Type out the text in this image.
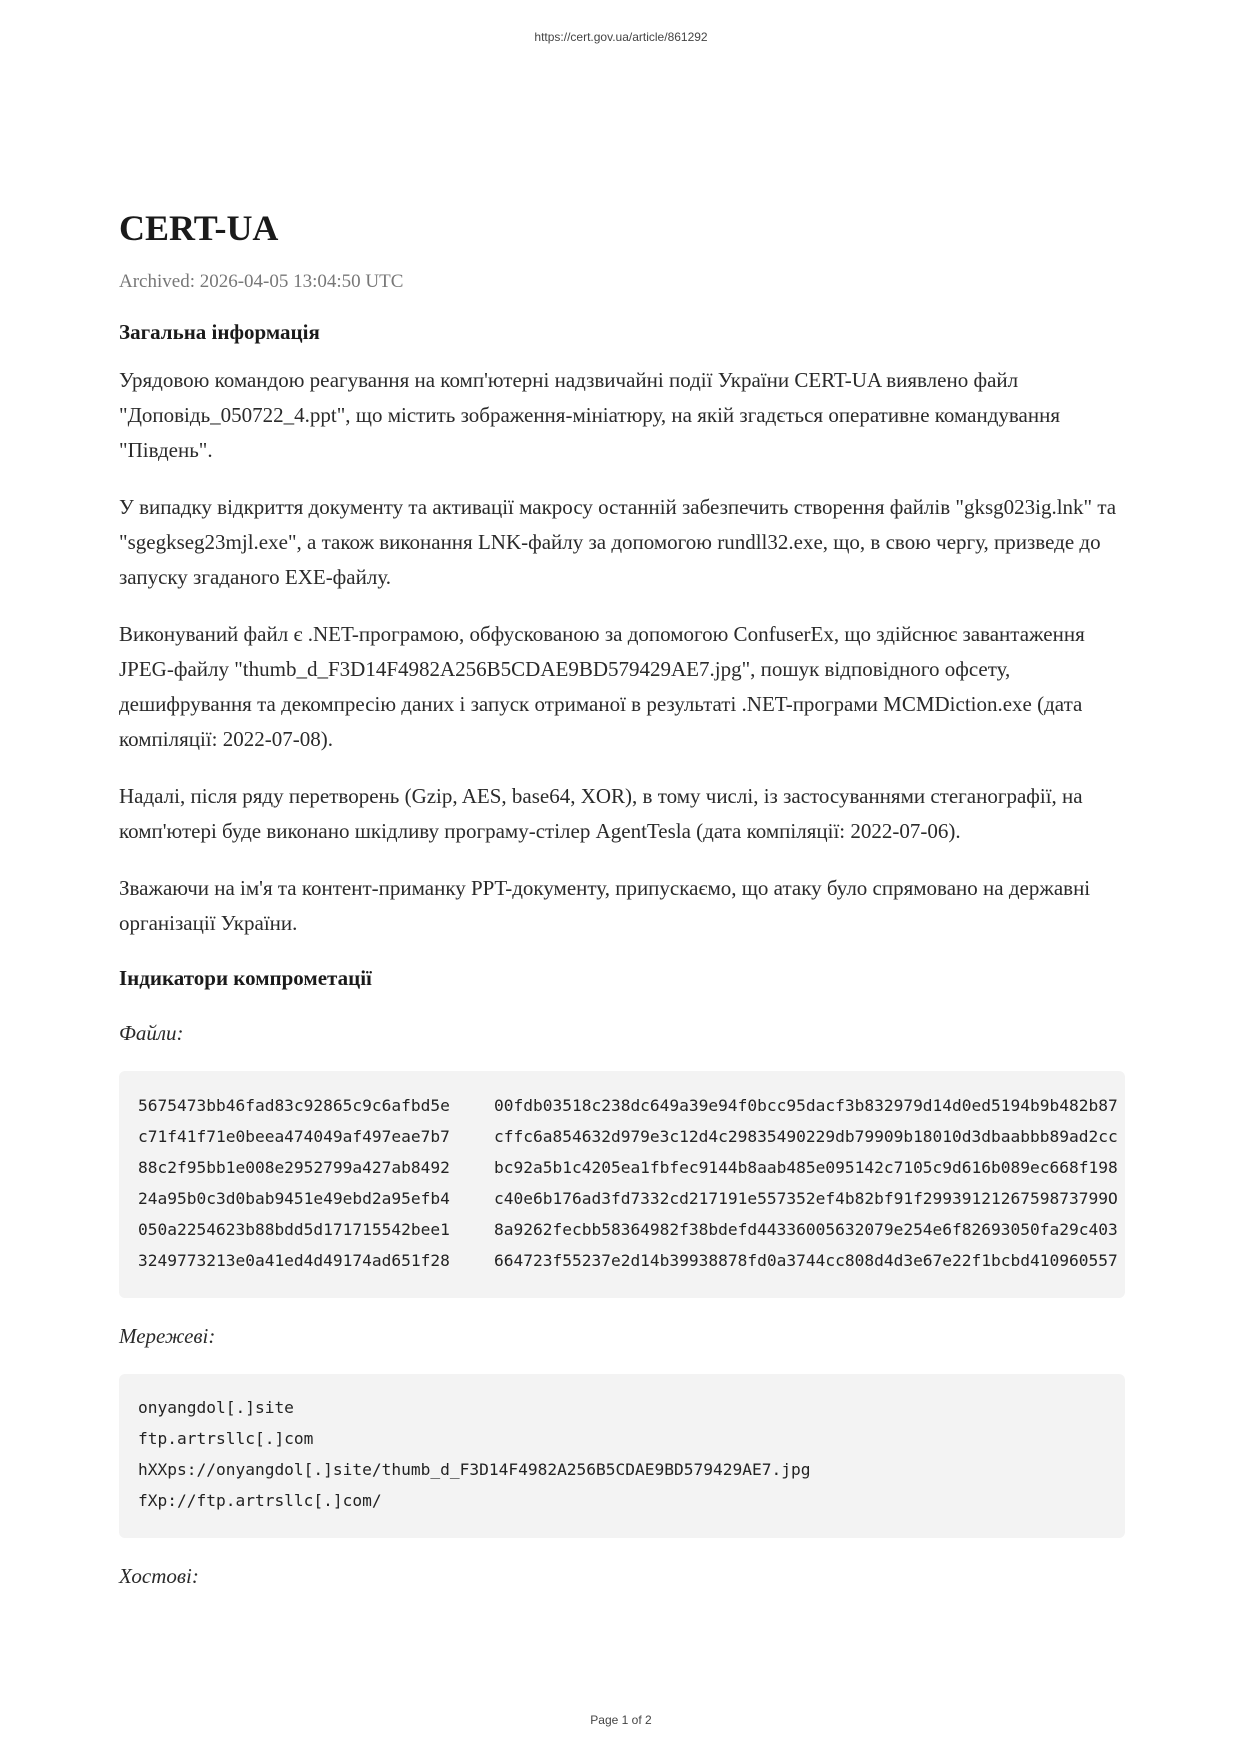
https://cert.gov.ua/article/861292
CERT-UA
Archived: 2026-04-05 13:04:50 UTC
Загальна інформація

Урядовою командою реагування на комп'ютерні надзвичайні події України CERT-UA виявлено файл "Доповідь_050722_4.ppt", що містить зображення-мініатюру, на якій згадється оперативне командування "Південь".

У випадку відкриття документу та активації макросу останній забезпечить створення файлів "gksg023ig.lnk" та "sgegkseg23mjl.exe", а також виконання LNK-файлу за допомогою rundll32.exe, що, в свою чергу, призведе до запуску згаданого EXE-файлу.

Виконуваний файл є .NET-програмою, обфускованою за допомогою ConfuserEx, що здійснює завантаження JPEG-файлу "thumb_d_F3D14F4982A256B5CDAE9BD579429AE7.jpg", пошук відповідного офсету, дешифрування та декомпресію даних і запуск отриманої в результаті .NET-програми MCMDiction.exe (дата компіляції: 2022-07-08).

Надалі, після ряду перетворень (Gzip, AES, base64, XOR), в тому числі, із застосуваннями стеганографії, на комп'ютері буде виконано шкідливу програму-стілер AgentTesla (дата компіляції: 2022-07-06).

Зважаючи на ім'я та контент-приманку PPT-документу, припускаємо, що атаку було спрямовано на державні організації України.

Індикатори компрометації
Файли:
5675473bb46fad83c92865c9c6afbd5e	00fdb03518c238dc649a39e94f0bcc95dacf3b832979d14d0ed5194b9b482b87
c71f41f71e0beea474049af497eae7b7	cffc6a854632d979e3c12d4c29835490229db79909b18010d3dbaabbb89ad2cc
88c2f95bb1e008e2952799a427ab8492	bc92a5b1c4205ea1fbfec9144b8aab485e095142c7105c9d616b089ec668f198
24a95b0c3d0bab9451e49ebd2a95efb4	c40e6b176ad3fd7332cd217191e557352ef4b82bf91f2993912126759873799O
050a2254623b88bdd5d171715542bee1	8a9262fecbb58364982f38bdefd44336005632079e254e6f82693050fa29c403
3249773213e0a41ed4d49174ad651f28	664723f55237e2d14b39938878fd0a3744cc808d4d3e67e22f1bcbd410960557
Мережеві:
onyangdol[.]site
ftp.artrsllc[.]com
hXXps://onyangdol[.]site/thumb_d_F3D14F4982A256B5CDAE9BD579429AE7.jpg
fXp://ftp.artrsllc[.]com/
Хостові:
Page 1 of 2
